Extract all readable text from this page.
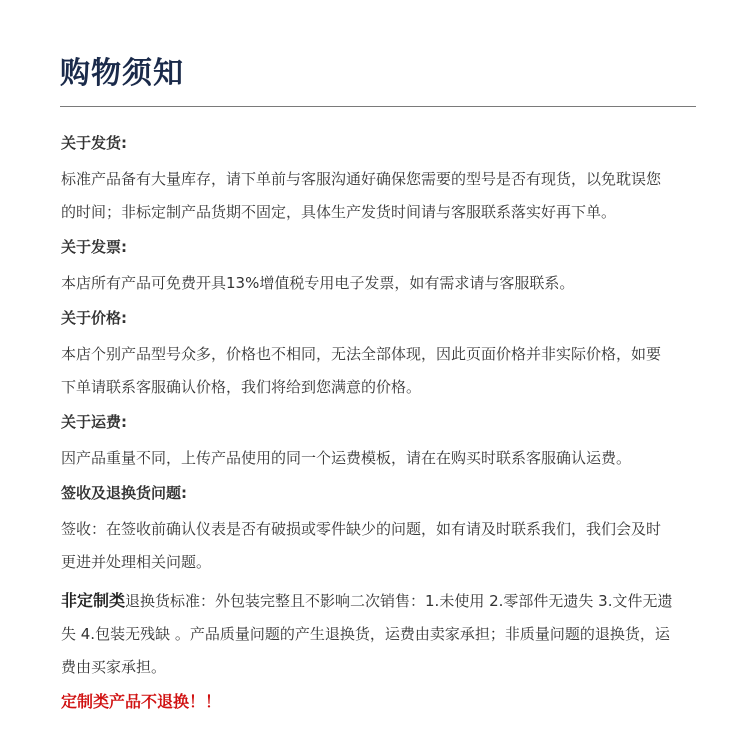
购物须知

关于发货:

标准产品备有大量库存，请下单前与客服沟通好确保您需要的型号是否有现货，以免耽误您

的时间；非标定制产品货期不固定，具体生产发货时间请与客服联系落实好再下单。

关于发票:

本店所有产品可免费开具13%增值税专用电子发票，如有需求请与客服联系。

关于价格:

本店个别产品型号众多，价格也不相同，无法全部体现，因此页面价格并非实际价格，如要

下单请联系客服确认价格，我们将给到您满意的价格。

关于运费:

因产品重量不同，上传产品使用的同一个运费模板，请在在购买时联系客服确认运费。

签收及退换货问题:

签收：在签收前确认仪表是否有破损或零件缺少的问题，如有请及时联系我们，我们会及时

更进并处理相关问题。

非定制类退换货标准：外包装完整且不影响二次销售：1.未使用 2.零部件无遗失 3.文件无遗

失 4.包装无残缺 。产品质量问题的产生退换货，运费由卖家承担；非质量问题的退换货，运

费由买家承担。

定制类产品不退换！！
